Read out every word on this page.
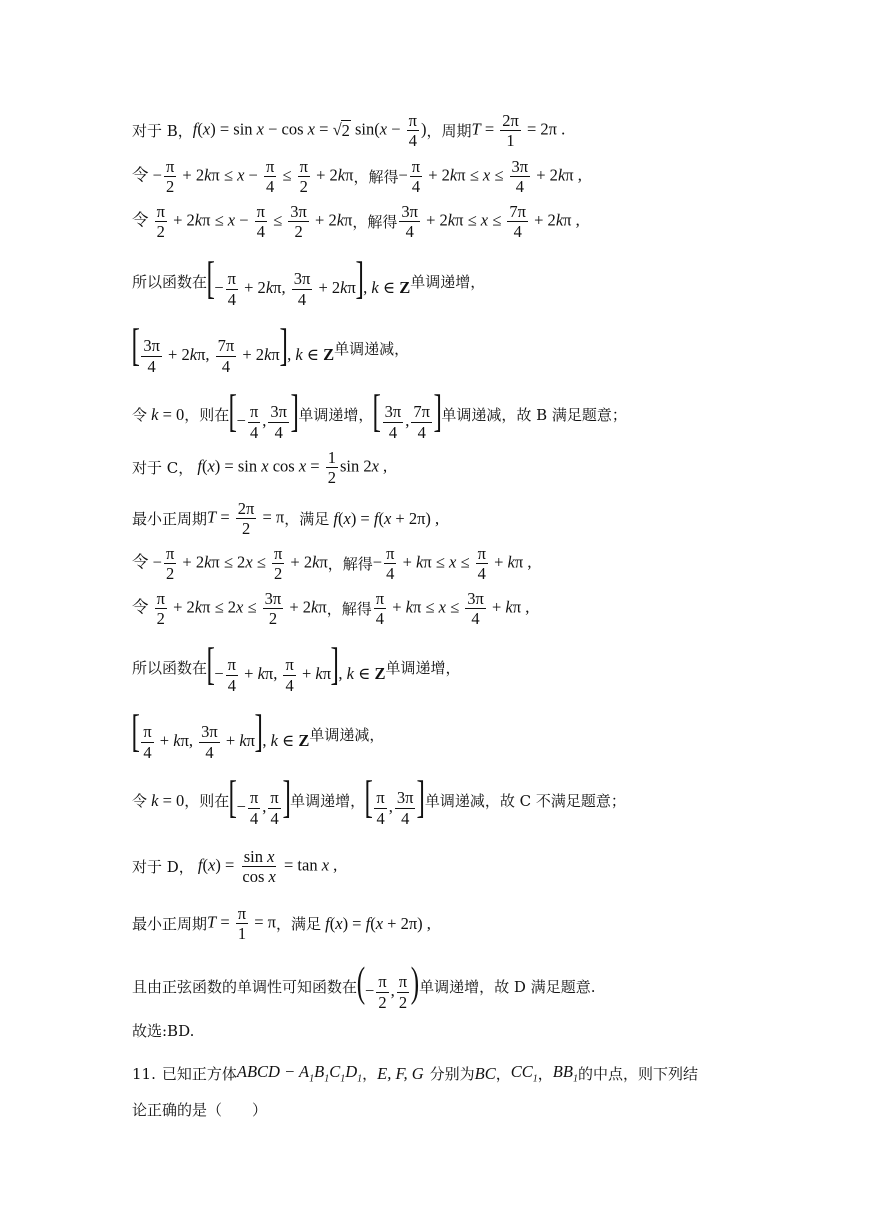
对于 B， f(x) = sin x − cos x = √ 2 $\sin(x - \frac{\pi}{4}$ ) ，周期 $T = \frac{2\pi}{1} = 2\pi$ .
令 − $\frac{\pi}{2} + 2k\pi \le x - \frac{\pi}{4} \le \frac{\pi}{2} + 2k\pi$ ，解得 − $\frac{\pi}{4} + 2k\pi \le x \le \frac{3\pi}{4} + 2k\pi$ ,
令 $\frac{\pi}{2} + 2k\pi \le x - \frac{\pi}{4} \le \frac{3\pi}{2} + 2k\pi$ ，解得 $\frac{3\pi}{4} + 2k\pi \le x \le \frac{7\pi}{4} + 2k\pi$ ,
所以函数在 [− $\frac{\pi}{4} + 2k\pi$, $\frac{3\pi}{4} + 2k\pi$], k ∈ Z 单调递增，
[ $\frac{3\pi}{4} + 2k\pi$, $\frac{7\pi}{4} + 2k\pi$], k ∈ Z 单调递减，
令 k = 0 ，则在 [− $\frac{\pi}{4}$ , $\frac{3\pi}{4}$ ] 单调递增， [ $\frac{3\pi}{4}$ , $\frac{7\pi}{4}$ ] 单调递减，故 B 满足题意；
对于 C， f(x) = sin x $\cos x = \frac{1}{2}$ sin 2x ,
最小正周期 $T = \frac{2\pi}{2} = \pi$ ，满足 f(x) = f(x + 2π) ,
令 − $\frac{\pi}{2} + 2k\pi \le 2x \le \frac{\pi}{2} + 2k\pi$ ，解得 − $\frac{\pi}{4} + k\pi \le x \le \frac{\pi}{4} + k\pi$ ,
令 $\frac{\pi}{2} + 2k\pi \le 2x \le \frac{3\pi}{2} + 2k\pi$ ，解得 $\frac{\pi}{4} + k\pi \le x \le \frac{3\pi}{4} + k\pi$ ,
所以函数在 [− $\frac{\pi}{4} + k\pi$, $\frac{\pi}{4} + k\pi$], k ∈ Z 单调递增，
[ $\frac{\pi}{4} + k\pi$, $\frac{3\pi}{4} + k\pi$], k ∈ Z 单调递减，
令 k = 0 ，则在 [− $\frac{\pi}{4}$ , $\frac{\pi}{4}$ ] 单调递增， [ $\frac{\pi}{4}$ , $\frac{3\pi}{4}$ ] 单调递减，故 C 不满足题意；
对于 D， $f(x) = \frac{\text{sin x}}{\text{cos x}} = \tan x$ ,
最小正周期 $T = \frac{\pi}{1} = \pi$ ，满足 f(x) = f(x + 2π) ,
且由正弦函数的单调性可知函数在 (− $\frac{\pi}{2}$ , $\frac{\pi}{2}$ ) 单调递增，故 D 满足题意.
故选:BD.
11. 已知正方体 ABCD − $A_1B_1C_1D_1$ ， E, F, G 分别为 BC ， $CC_1$ ， $BB_1$ 的中点，则下列结
论正确的是（　　）
